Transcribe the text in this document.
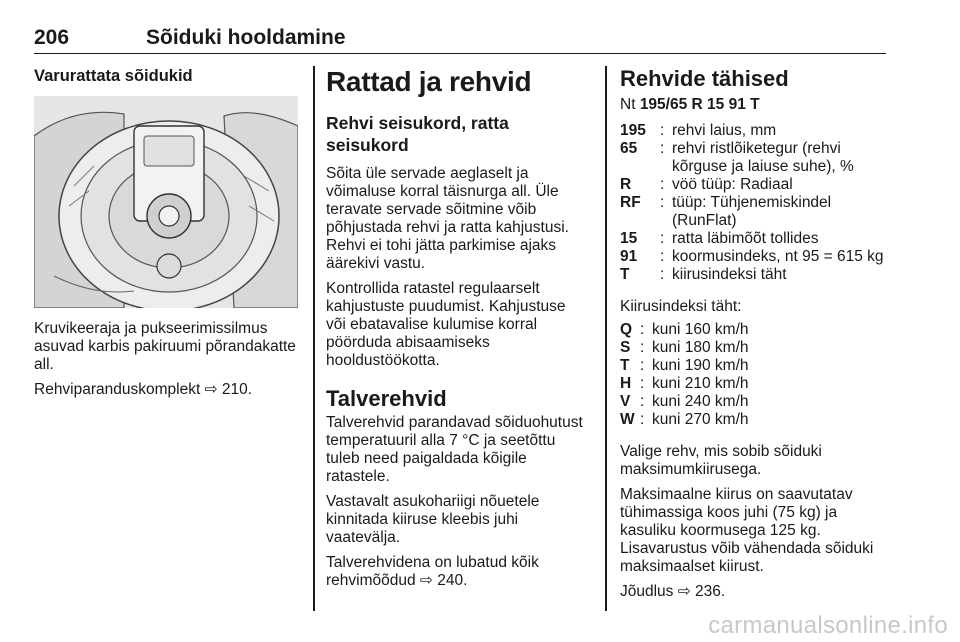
206	Sõiduki hooldamine
Varurattata sõidukid

Kruvikeeraja ja pukseerimissilmus asuvad karbis pakiruumi põrandakatte all.

Rehviparanduskomplekt ⇨ 210.

Rattad ja rehvid
Rehvi seisukord, ratta seisukord

Sõita üle servade aeglaselt ja võimaluse korral täisnurga all. Üle teravate servade sõitmine võib põhjustada rehvi ja ratta kahjustusi. Rehvi ei tohi jätta parkimise ajaks äärekivi vastu.

Kontrollida ratastel regulaarselt kahjustuste puudumist. Kahjustuse või ebatavalise kulumise korral pöörduda abisaamiseks hooldustöökotta.

Talverehvid

Talverehvid parandavad sõiduohutust temperatuuril alla 7 °C ja seetõttu tuleb need paigaldada kõigile ratastele.

Vastavalt asukohariigi nõuetele kinnitada kiiruse kleebis juhi vaatevälja.

Talverehvidena on lubatud kõik rehvimõõdud ⇨ 240.

Rehvide tähised

Nt 195/65 R 15 91 T

195 : rehvi laius, mm
65	: rehvi ristlõiketegur (rehvi kõrguse ja laiuse suhe), %
R	: vöö tüüp: Radiaal
RF	: tüüp: Tühjenemiskindel (RunFlat)
15	: ratta läbimõõt tollides
91	: koormusindeks, nt 95 = 615 kg
T	: kiirusindeksi täht

Kiirusindeksi täht:

Q : kuni 160 km/h
S : kuni 180 km/h
T : kuni 190 km/h
H : kuni 210 km/h
V : kuni 240 km/h
W : kuni 270 km/h

Valige rehv, mis sobib sõiduki maksimumkiirusega.

Maksimaalne kiirus on saavutatav tühimassiga koos juhi (75 kg) ja kasuliku koormusega 125 kg. Lisavarustus võib vähendada sõiduki maksimaalset kiirust.

Jõudlus ⇨ 236.

carmanualsonline.info
